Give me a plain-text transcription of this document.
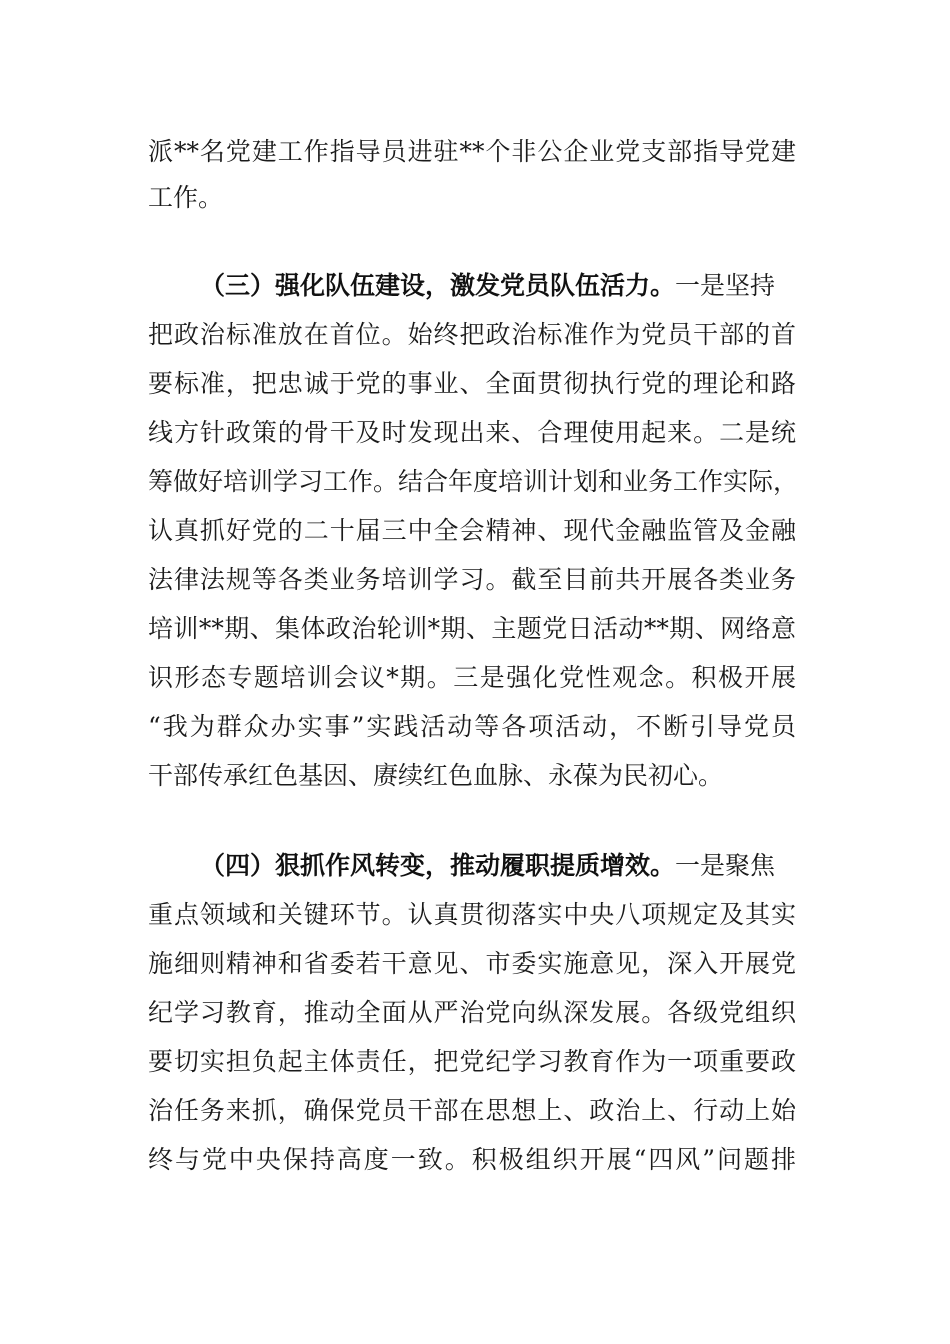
派**名党建工作指导员进驻**个非公企业党支部指导党建
工作。
（三）强化队伍建设，激发党员队伍活力。一是坚持
把政治标准放在首位。始终把政治标准作为党员干部的首
要标准，把忠诚于党的事业、全面贯彻执行党的理论和路
线方针政策的骨干及时发现出来、合理使用起来。二是统
筹做好培训学习工作。结合年度培训计划和业务工作实际，
认真抓好党的二十届三中全会精神、现代金融监管及金融
法律法规等各类业务培训学习。截至目前共开展各类业务
培训**期、集体政治轮训*期、主题党日活动**期、网络意
识形态专题培训会议*期。三是强化党性观念。积极开展
“我为群众办实事”实践活动等各项活动，不断引导党员
干部传承红色基因、赓续红色血脉、永葆为民初心。
（四）狠抓作风转变，推动履职提质增效。一是聚焦
重点领域和关键环节。认真贯彻落实中央八项规定及其实
施细则精神和省委若干意见、市委实施意见，深入开展党
纪学习教育，推动全面从严治党向纵深发展。各级党组织
要切实担负起主体责任，把党纪学习教育作为一项重要政
治任务来抓，确保党员干部在思想上、政治上、行动上始
终与党中央保持高度一致。积极组织开展“四风”问题排
